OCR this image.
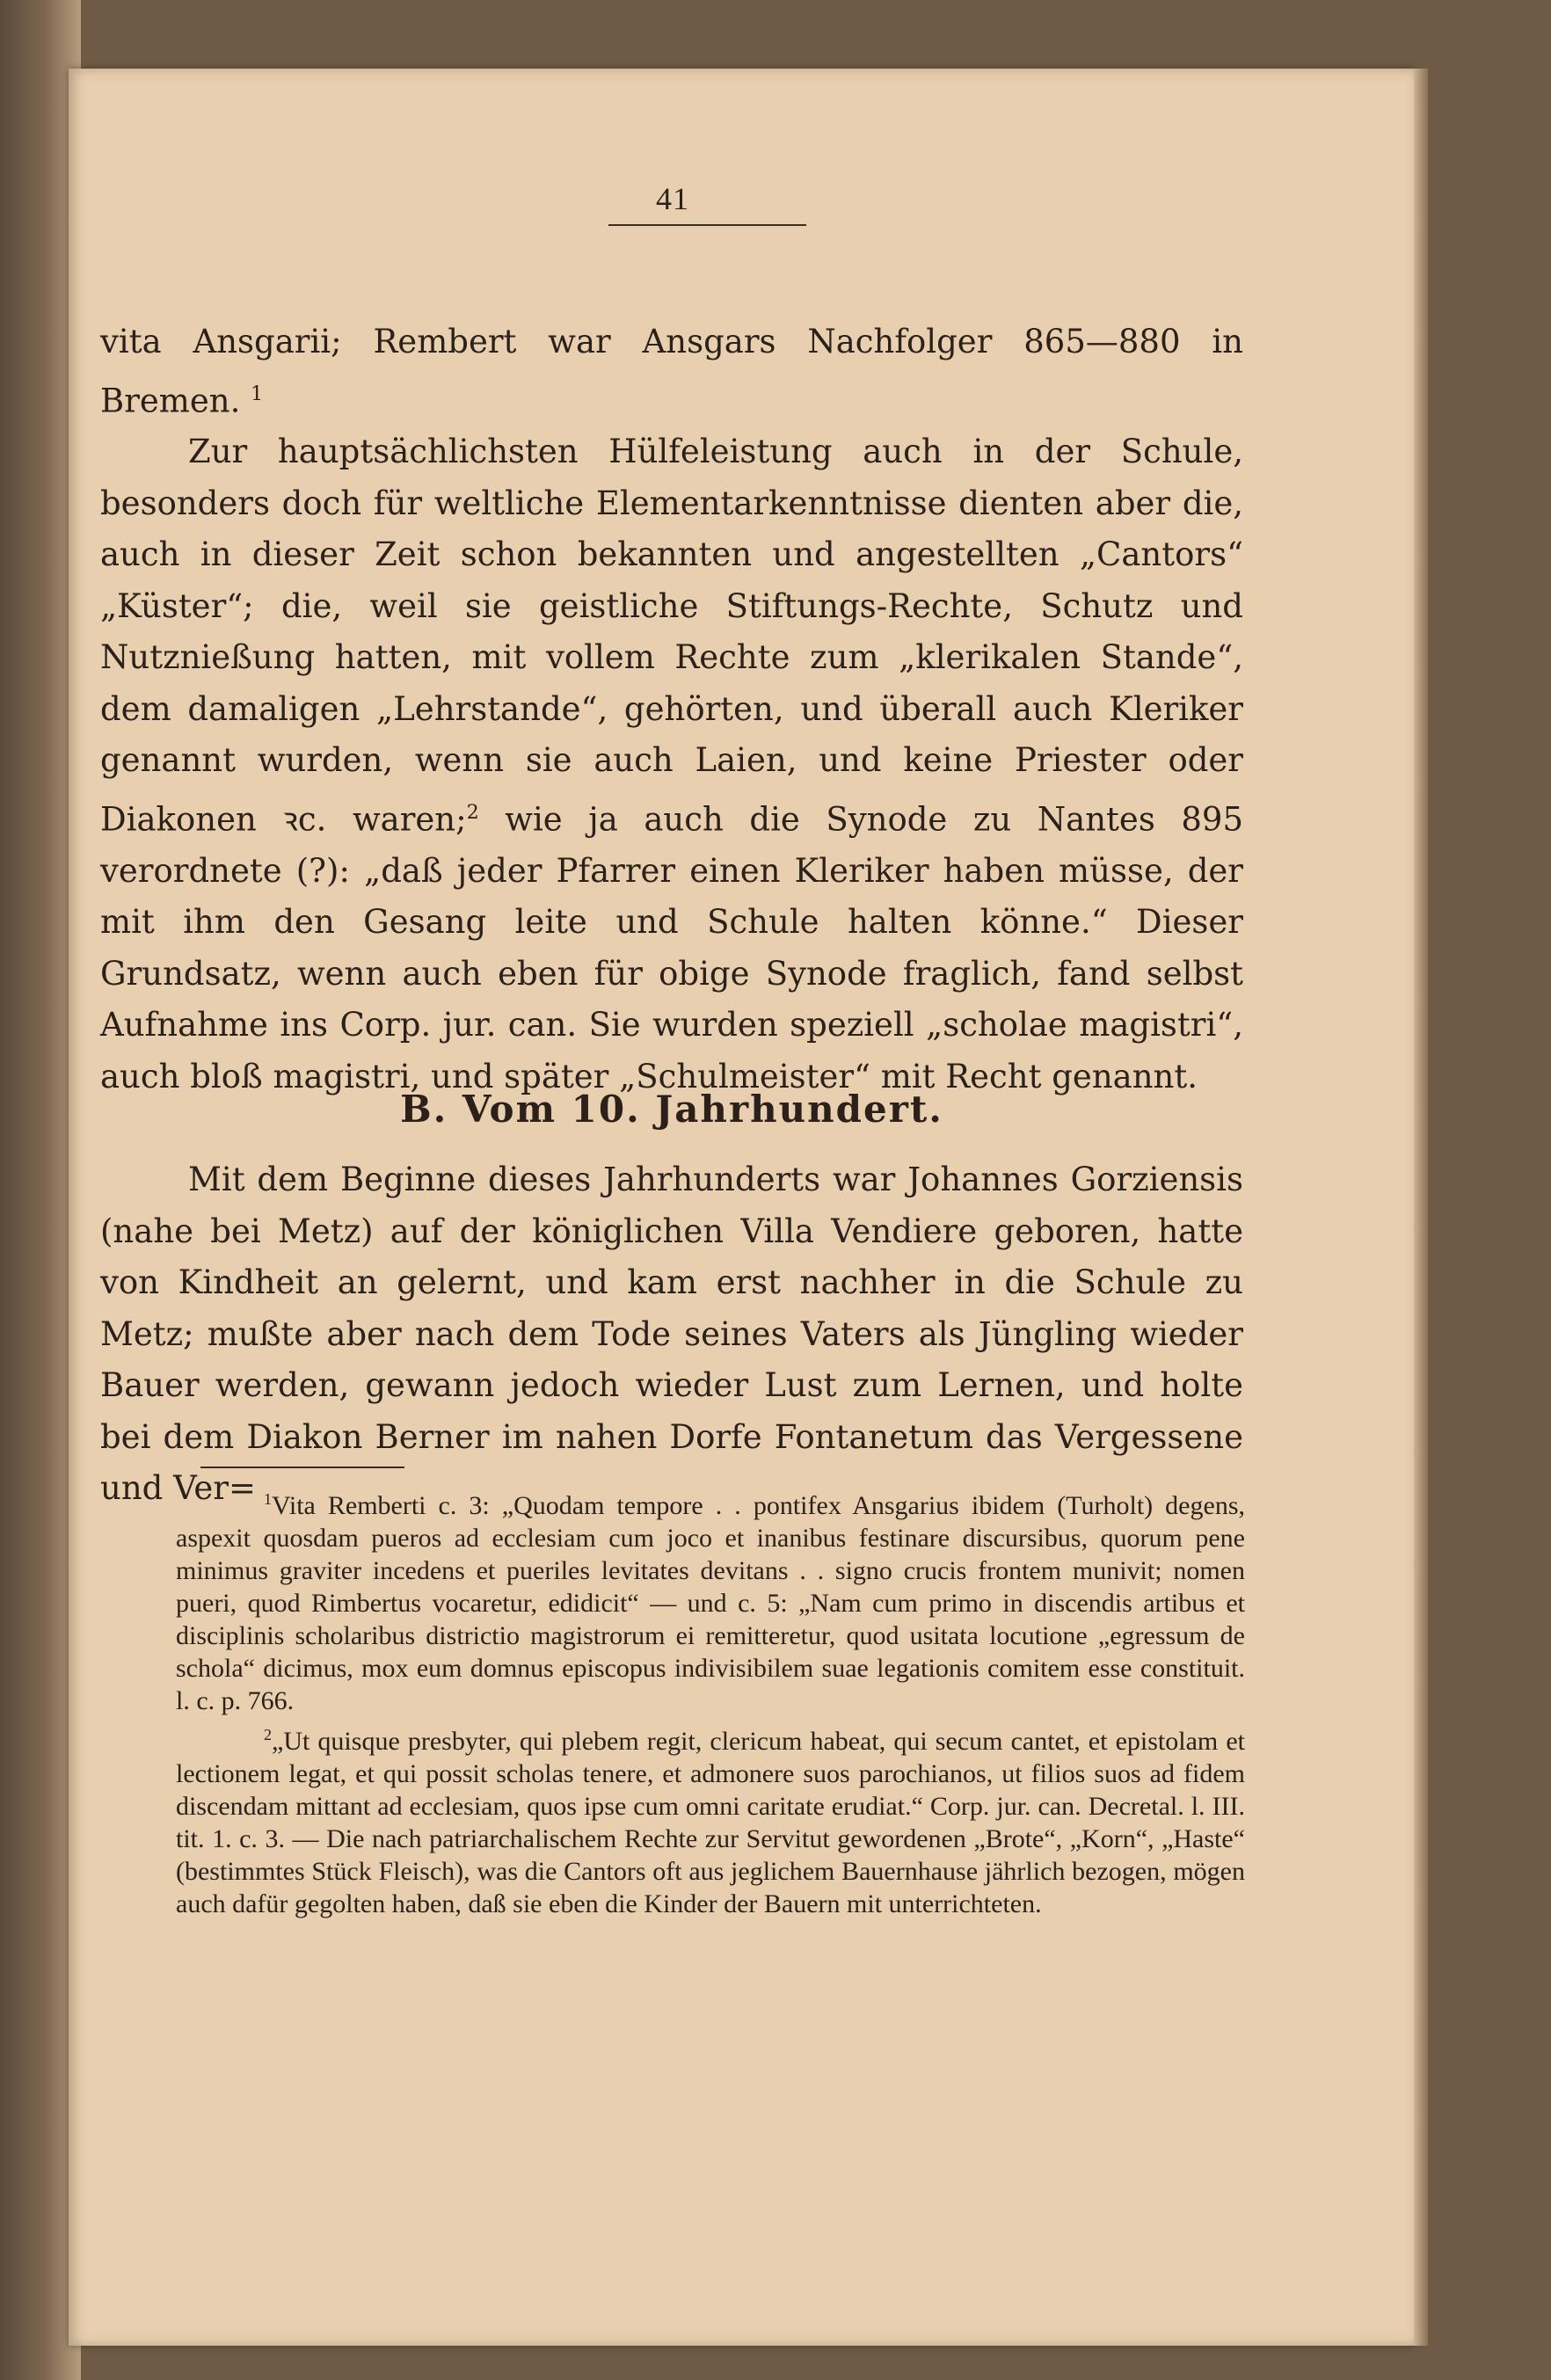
41

vita Ansgarii; Rembert war Ansgars Nachfolger 865—880 in Bremen. $^1$

Zur hauptsächlichsten Hülfeleistung auch in der Schule, besonders doch für weltliche Elementarkenntnisse dienten aber die, auch in dieser Zeit schon bekannten und angestellten „Cantors“ „Küster“; die, weil sie geistliche Stiftungs-Rechte, Schutz und Nutznießung hatten, mit vollem Rechte zum „klerikalen Stande“, dem damaligen „Lehrstande“, gehörten, und überall auch Kleriker genannt wurden, wenn sie auch Laien, und keine Priester oder Diakonen ꝛc. waren;$^2$ wie ja auch die Synode zu Nantes 895 verordnete (?): „daß jeder Pfarrer einen Kleriker haben müsse, der mit ihm den Gesang leite und Schule halten könne.“ Dieser Grundsatz, wenn auch eben für obige Synode fraglich, fand selbst Aufnahme ins Corp. jur. can. Sie wurden speziell „scholae magistri“, auch bloß magistri, und später „Schulmeister“ mit Recht genannt.

B. Vom 10. Jahrhundert.

Mit dem Beginne dieses Jahrhunderts war Johannes Gorziensis (nahe bei Metz) auf der königlichen Villa Vendiere geboren, hatte von Kindheit an gelernt, und kam erst nachher in die Schule zu Metz; mußte aber nach dem Tode seines Vaters als Jüngling wieder Bauer werden, gewann jedoch wieder Lust zum Lernen, und holte bei dem Diakon Berner im nahen Dorfe Fontanetum das Vergessene und Ver= $^1$Vita Remberti c. 3: „Quodam tempore . . pontifex Ansgarius ibidem (Turholt) degens, aspexit quosdam pueros ad ecclesiam cum joco et inanibus festinare discursibus, quorum pene minimus graviter incedens et pueriles levitates devitans . . signo crucis frontem munivit; nomen pueri, quod Rimbertus vocaretur, edidicit“ — und c. 5: „Nam cum primo in discendis artibus et disciplinis scholaribus districtio magistrorum ei remitteretur, quod usitata locutione „egressum de schola“ dicimus, mox eum domnus episcopus indivisibilem suae legationis comitem esse constituit. l. c. p. 766.

$^2$„Ut quisque presbyter, qui plebem regit, clericum habeat, qui secum cantet, et epistolam et lectionem legat, et qui possit scholas tenere, et admonere suos parochianos, ut filios suos ad fidem discendam mittant ad ecclesiam, quos ipse cum omni caritate erudiat.“ Corp. jur. can. Decretal. l. III. tit. 1. c. 3. — Die nach patriarchalischem Rechte zur Servitut gewordenen „Brote“, „Korn“, „Haste“ (bestimmtes Stück Fleisch), was die Cantors oft aus jeglichem Bauernhause jährlich bezogen, mögen auch dafür gegolten haben, daß sie eben die Kinder der Bauern mit unterrichteten.
